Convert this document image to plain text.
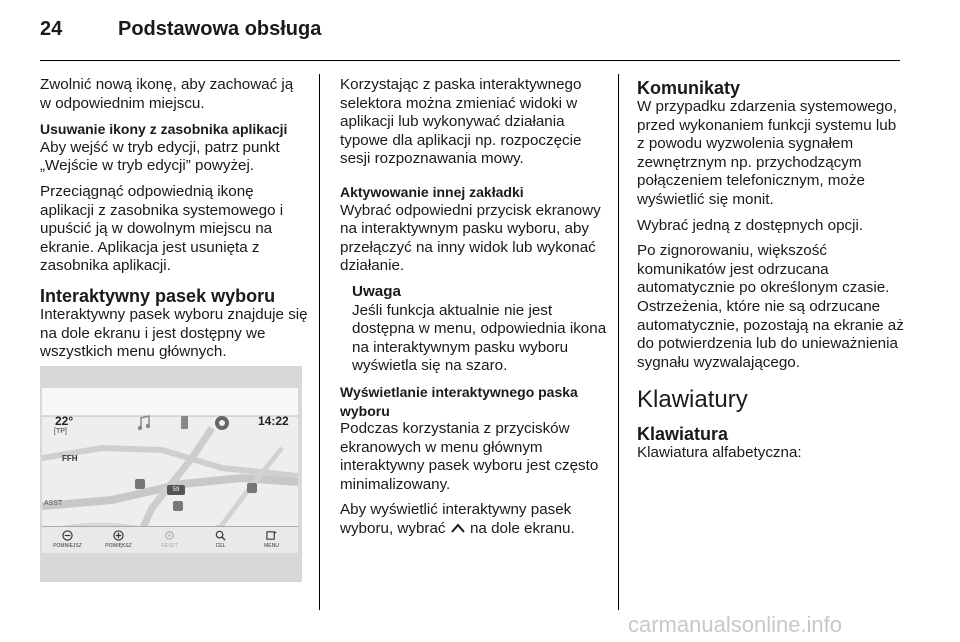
24	Podstawowa obsługa

Zwolnić nową ikonę, aby zachować ją w odpowiednim miejscu.

Usuwanie ikony z zasobnika aplikacji
Aby wejść w tryb edycji, patrz punkt „Wejście w tryb edycji” powyżej.

Przeciągnąć odpowiednią ikonę aplikacji z zasobnika systemowego i upuścić ją w dowolnym miejscu na ekranie. Aplikacja jest usunięta z zasobnika aplikacji.

Interaktywny pasek wyboru

Interaktywny pasek wyboru znajduje się na dole ekranu i jest dostępny we wszystkich menu głównych.

22°
[TP]
14:22
FFH
ASST
59
POMNIEJSZ	POWIĘKSZ	RESET	CEL	MENU

Korzystając z paska interaktywnego selektora można zmieniać widoki w aplikacji lub wykonywać działania typowe dla aplikacji np. rozpoczęcie sesji rozpoznawania mowy.

Aktywowanie innej zakładki
Wybrać odpowiedni przycisk ekranowy na interaktywnym pasku wyboru, aby przełączyć na inny widok lub wykonać działanie.

Uwaga
Jeśli funkcja aktualnie nie jest dostępna w menu, odpowiednia ikona na interaktywnym pasku wyboru wyświetla się na szaro.

Wyświetlanie interaktywnego paska wyboru
Podczas korzystania z przycisków ekranowych w menu głównym interaktywny pasek wyboru jest często minimalizowany.

Aby wyświetlić interaktywny pasek wyboru, wybrać na dole ekranu.

Komunikaty

W przypadku zdarzenia systemowego, przed wykonaniem funkcji systemu lub z powodu wyzwolenia sygnałem zewnętrznym np. przychodzącym połączeniem telefonicznym, może wyświetlić się monit.

Wybrać jedną z dostępnych opcji.

Po zignorowaniu, większość komunikatów jest odrzucana automatycznie po określonym czasie. Ostrzeżenia, które nie są odrzucane automatycznie, pozostają na ekranie aż do potwierdzenia lub do unieważnienia sygnału wyzwalającego.

Klawiatury
Klawiatura

Klawiatura alfabetyczna:

carmanualsonline.info
